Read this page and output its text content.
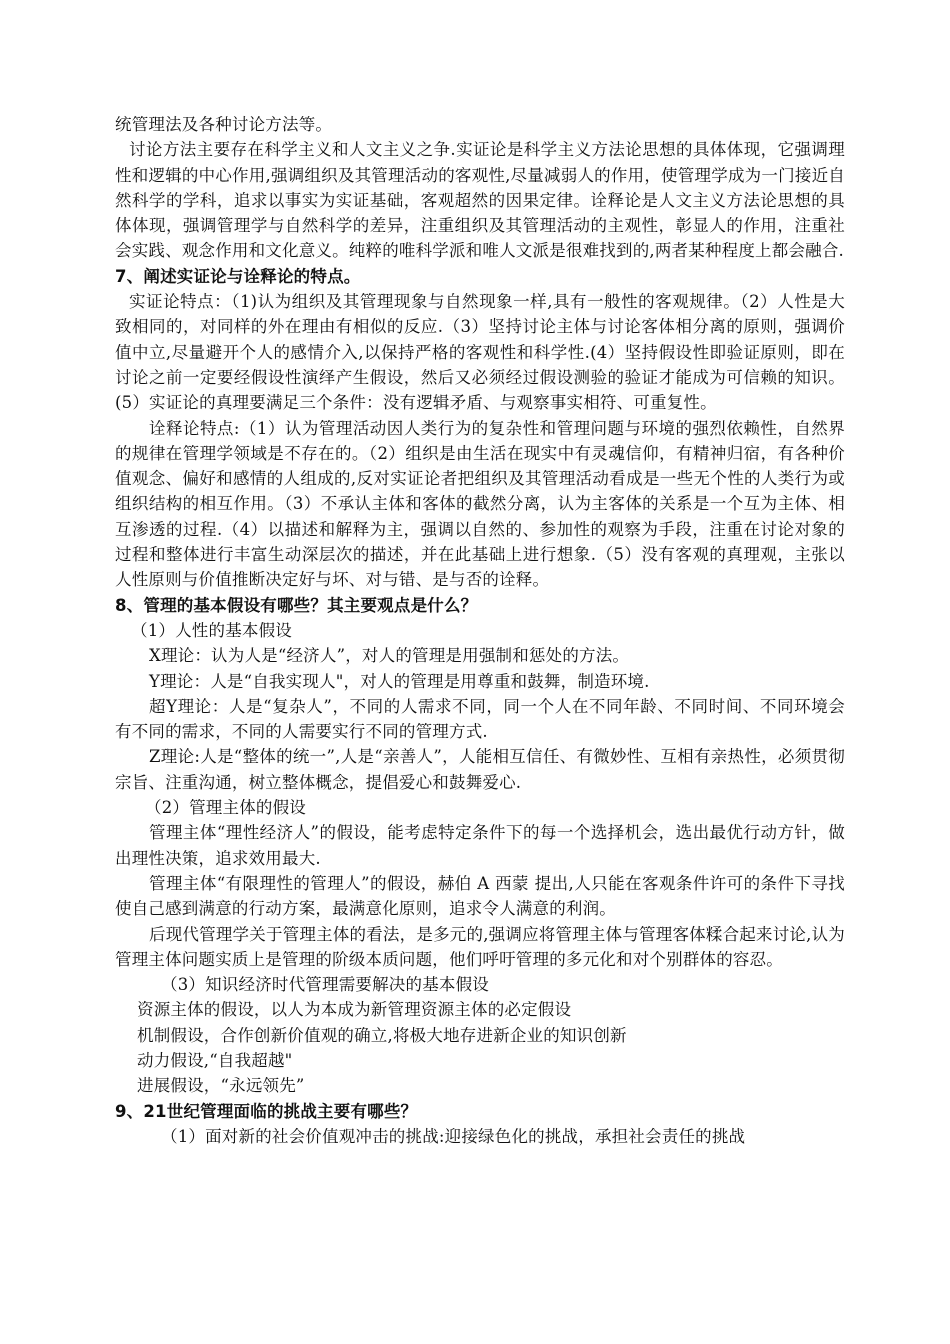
统管理法及各种讨论方法等。

讨论方法主要存在科学主义和人文主义之争.实证论是科学主义方法论思想的具体体现，它强调理性和逻辑的中心作用,强调组织及其管理活动的客观性,尽量减弱人的作用，使管理学成为一门接近自然科学的学科，追求以事实为实证基础，客观超然的因果定律。诠释论是人文主义方法论思想的具体体现，强调管理学与自然科学的差异，注重组织及其管理活动的主观性，彰显人的作用，注重社会实践、观念作用和文化意义。纯粹的唯科学派和唯人文派是很难找到的,两者某种程度上都会融合.

7、阐述实证论与诠释论的特点。

实证论特点：（1)认为组织及其管理现象与自然现象一样,具有一般性的客观规律。（2）人性是大致相同的，对同样的外在理由有相似的反应.（3）坚持讨论主体与讨论客体相分离的原则，强调价值中立,尽量避开个人的感情介入,以保持严格的客观性和科学性.(4）坚持假设性即验证原则，即在讨论之前一定要经假设性演绎产生假设，然后又必须经过假设测验的验证才能成为可信赖的知识。(5）实证论的真理要满足三个条件：没有逻辑矛盾、与观察事实相符、可重复性。

诠释论特点:（1）认为管理活动因人类行为的复杂性和管理问题与环境的强烈依赖性，自然界的规律在管理学领域是不存在的。（2）组织是由生活在现实中有灵魂信仰，有精神归宿，有各种价值观念、偏好和感情的人组成的,反对实证论者把组织及其管理活动看成是一些无个性的人类行为或组织结构的相互作用。（3）不承认主体和客体的截然分离，认为主客体的关系是一个互为主体、相互渗透的过程.（4）以描述和解释为主，强调以自然的、参加性的观察为手段，注重在讨论对象的过程和整体进行丰富生动深层次的描述，并在此基础上进行想象.（5）没有客观的真理观，主张以人性原则与价值推断决定好与坏、对与错、是与否的诠释。

8、管理的基本假设有哪些？其主要观点是什么？

（1）人性的基本假设

X理论：认为人是“经济人”，对人的管理是用强制和惩处的方法。

Y理论：人是“自我实现人"，对人的管理是用尊重和鼓舞，制造环境.

超Y理论：人是“复杂人”，不同的人需求不同，同一个人在不同年龄、不同时间、不同环境会有不同的需求，不同的人需要实行不同的管理方式.

Z理论:人是“整体的统一”,人是“亲善人”，人能相互信任、有微妙性、互相有亲热性，必须贯彻宗旨、注重沟通，树立整体概念，提倡爱心和鼓舞爱心.

（2）管理主体的假设

管理主体“理性经济人”的假设，能考虑特定条件下的每一个选择机会，选出最优行动方针，做出理性决策，追求效用最大.

管理主体“有限理性的管理人”的假设，赫伯 A 西蒙 提出,人只能在客观条件许可的条件下寻找使自己感到满意的行动方案，最满意化原则，追求令人满意的利润。

后现代管理学关于管理主体的看法，是多元的,强调应将管理主体与管理客体糅合起来讨论,认为管理主体问题实质上是管理的阶级本质问题，他们呼吁管理的多元化和对个别群体的容忍。

（3）知识经济时代管理需要解决的基本假设

资源主体的假设，以人为本成为新管理资源主体的必定假设

机制假设，合作创新价值观的确立,将极大地存进新企业的知识创新

动力假设,“自我超越"

进展假设，“永远领先”

9、21世纪管理面临的挑战主要有哪些？

（1）面对新的社会价值观冲击的挑战:迎接绿色化的挑战，承担社会责任的挑战
